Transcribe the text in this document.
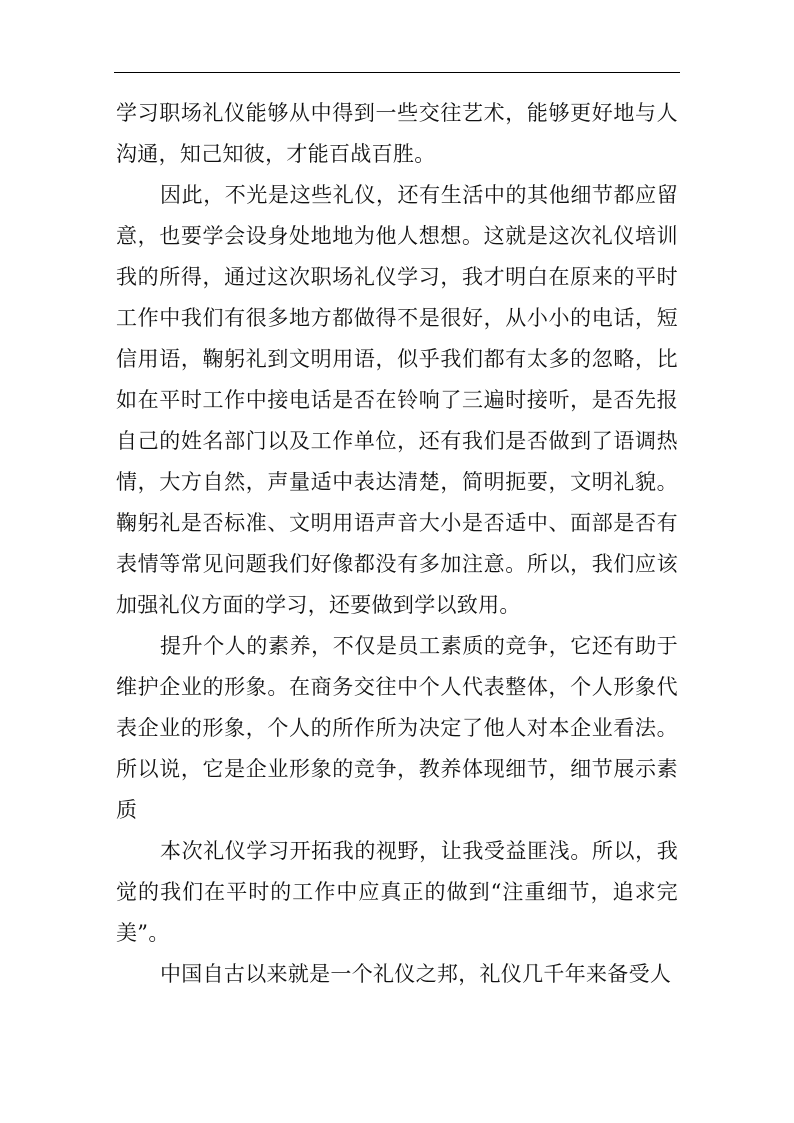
学习职场礼仪能够从中得到一些交往艺术，能够更好地与人沟通，知己知彼，才能百战百胜。

因此，不光是这些礼仪，还有生活中的其他细节都应留意，也要学会设身处地地为他人想想。这就是这次礼仪培训我的所得，通过这次职场礼仪学习，我才明白在原来的平时工作中我们有很多地方都做得不是很好，从小小的电话，短信用语，鞠躬礼到文明用语，似乎我们都有太多的忽略，比如在平时工作中接电话是否在铃响了三遍时接听，是否先报自己的姓名部门以及工作单位，还有我们是否做到了语调热情，大方自然，声量适中表达清楚，简明扼要，文明礼貌。鞠躬礼是否标准、文明用语声音大小是否适中、面部是否有表情等常见问题我们好像都没有多加注意。所以，我们应该加强礼仪方面的学习，还要做到学以致用。

提升个人的素养，不仅是员工素质的竞争，它还有助于维护企业的形象。在商务交往中个人代表整体，个人形象代表企业的形象，个人的所作所为决定了他人对本企业看法。所以说，它是企业形象的竞争，教养体现细节，细节展示素质

本次礼仪学习开拓我的视野，让我受益匪浅。所以，我觉的我们在平时的工作中应真正的做到“注重细节，追求完美”。

中国自古以来就是一个礼仪之邦，礼仪几千年来备受人
